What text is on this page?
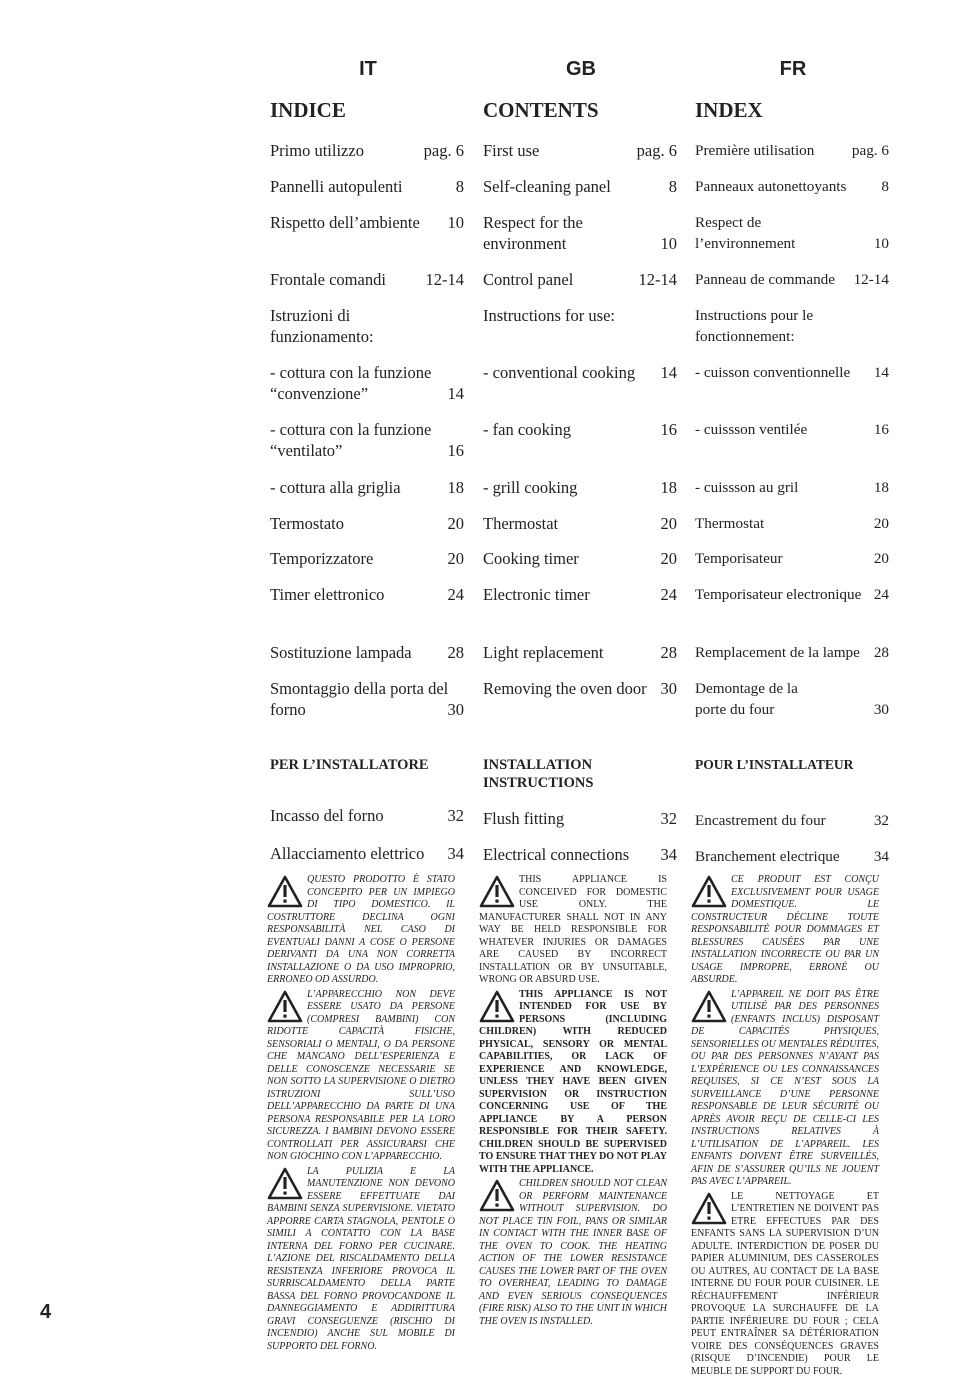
IT
INDICE
Primo utilizzo	pag. 6
Pannelli autopulenti	8
Rispetto dell’ambiente	10
Frontale comandi	12-14
Istruzioni di funzionamento:
- cottura con la funzione “convenzione”	14
- cottura con la funzione “ventilato”	16
- cottura alla griglia	18
Termostato	20
Temporizzatore	20
Timer elettronico	24
Sostituzione lampada	28
Smontaggio della porta del forno	30
PER L’INSTALLATORE
Incasso del forno	32
Allacciamento elettrico	34

QUESTO PRODOTTO È STATO CONCEPITO PER UN IMPIEGO DI TIPO DOMESTICO. IL COSTRUTTORE DECLINA OGNI RESPONSABILITÀ NEL CASO DI EVENTUALI DANNI A COSE O PERSONE DERIVANTI DA UNA NON CORRETTA INSTALLAZIONE O DA USO IMPROPRIO, ERRONEO OD ASSURDO.

L’APPARECCHIO NON DEVE ESSERE USATO DA PERSONE (COMPRESI BAMBINI) CON RIDOTTE CAPACITÀ FISICHE, SENSORIALI O MENTALI, O DA PERSONE CHE MANCANO DELL’ESPERIENZA E DELLE CONOSCENZE NECESSARIE SE NON SOTTO LA SUPERVISIONE O DIETRO ISTRUZIONI SULL’USO DELL’APPARECCHIO DA PARTE DI UNA PERSONA RESPONSABILE PER LA LORO SICUREZZA. I BAMBINI DEVONO ESSERE CONTROLLATI PER ASSICURARSI CHE NON GIOCHINO CON L’APPARECCHIO.

LA PULIZIA E LA MANUTENZIONE NON DEVONO ESSERE EFFETTUATE DAI BAMBINI SENZA SUPERVISIONE. VIETATO APPORRE CARTA STAGNOLA, PENTOLE O SIMILI A CONTATTO CON LA BASE INTERNA DEL FORNO PER CUCINARE. L’AZIONE DEL RISCALDAMENTO DELLA RESISTENZA INFERIORE PROVOCA IL SURRISCALDAMENTO DELLA PARTE BASSA DEL FORNO PROVOCANDONE IL DANNEGGIAMENTO E ADDIRITTURA GRAVI CONSEGUENZE (RISCHIO DI INCENDIO) ANCHE SUL MOBILE DI SUPPORTO DEL FORNO.

GB
CONTENTS
First use	pag. 6
Self-cleaning panel	8
Respect for the environment	10
Control panel	12-14
Instructions for use:
- conventional cooking	14
- fan cooking	16
- grill cooking	18
Thermostat	20
Cooking timer	20
Electronic timer	24
Light replacement	28
Removing the oven door 30
INSTALLATION INSTRUCTIONS
Flush fitting	32
Electrical connections	34

THIS APPLIANCE IS CONCEIVED FOR DOMESTIC USE ONLY. THE MANUFACTURER SHALL NOT IN ANY WAY BE HELD RESPONSIBLE FOR WHATEVER INJURIES OR DAMAGES ARE CAUSED BY INCORRECT INSTALLATION OR BY UNSUITABLE, WRONG OR ABSURD USE.

THIS APPLIANCE IS NOT INTENDED FOR USE BY PERSONS (INCLUDING CHILDREN) WITH REDUCED PHYSICAL, SENSORY OR MENTAL CAPABILITIES, OR LACK OF EXPERIENCE AND KNOWLEDGE, UNLESS THEY HAVE BEEN GIVEN SUPERVISION OR INSTRUCTION CONCERNING USE OF THE APPLIANCE BY A PERSON RESPONSIBLE FOR THEIR SAFETY. CHILDREN SHOULD BE SUPERVISED TO ENSURE THAT THEY DO NOT PLAY WITH THE APPLIANCE.

CHILDREN SHOULD NOT CLEAN OR PERFORM MAINTENANCE WITHOUT SUPERVISION. DO NOT PLACE TIN FOIL, PANS OR SIMILAR IN CONTACT WITH THE INNER BASE OF THE OVEN TO COOK. THE HEATING ACTION OF THE LOWER RESISTANCE CAUSES THE LOWER PART OF THE OVEN TO OVERHEAT, LEADING TO DAMAGE AND EVEN SERIOUS CONSEQUENCES (FIRE RISK) ALSO TO THE UNIT IN WHICH THE OVEN IS INSTALLED.

FR
INDEX
Première utilisation	pag. 6
Panneaux autonettoyants	8
Respect de l’environnement	10
Panneau de commande	12-14
Instructions pour le fonctionnement:
- cuisson conventionnelle	14
- cuissson ventilée	16
- cuissson au gril	18
Thermostat	20
Temporisateur	20
Temporisateur electronique 24
Remplacement de la lampe 28
Demontage de la porte du four	30
POUR L’INSTALLATEUR
Encastrement du four	32
Branchement electrique	34

CE PRODUIT EST CONÇU EXCLUSIVEMENT POUR USAGE DOMESTIQUE. LE CONSTRUCTEUR DÉCLINE TOUTE RESPONSABILITÉ POUR DOMMAGES ET BLESSURES CAUSÉES PAR UNE INSTALLATION INCORRECTE OU PAR UN USAGE IMPROPRE, ERRONÉ OU ABSURDE.

L’APPAREIL NE DOIT PAS ÊTRE UTILISÉ PAR DES PERSONNES (ENFANTS INCLUS) DISPOSANT DE CAPACITÉS PHYSIQUES, SENSORIELLES OU MENTALES RÉDUITES, OU PAR DES PERSONNES N’AYANT PAS L’EXPÉRIENCE OU LES CONNAISSANCES REQUISES, SI CE N’EST SOUS LA SURVEILLANCE D’UNE PERSONNE RESPONSABLE DE LEUR SÉCURITÉ OU APRÈS AVOIR REÇU DE CELLE-CI LES INSTRUCTIONS RELATIVES À L’UTILISATION DE L’APPAREIL. LES ENFANTS DOIVENT ÊTRE SURVEILLÉS, AFIN DE S’ASSURER QU’ILS NE JOUENT PAS AVEC L’APPAREIL.

LE NETTOYAGE ET L’ENTRETIEN NE DOIVENT PAS ETRE EFFECTUES PAR DES ENFANTS SANS LA SUPERVISION D’UN ADULTE. INTERDICTION DE POSER DU PAPIER ALUMINIUM, DES CASSEROLES OU AUTRES, AU CONTACT DE LA BASE INTERNE DU FOUR POUR CUISINER. LE RÉCHAUFFEMENT INFÉRIEUR PROVOQUE LA SURCHAUFFE DE LA PARTIE INFÉRIEURE DU FOUR ; CELA PEUT ENTRAÎNER SA DÉTÉRIORATION VOIRE DES CONSÉQUENCES GRAVES (RISQUE D’INCENDIE) POUR LE MEUBLE DE SUPPORT DU FOUR.

4
